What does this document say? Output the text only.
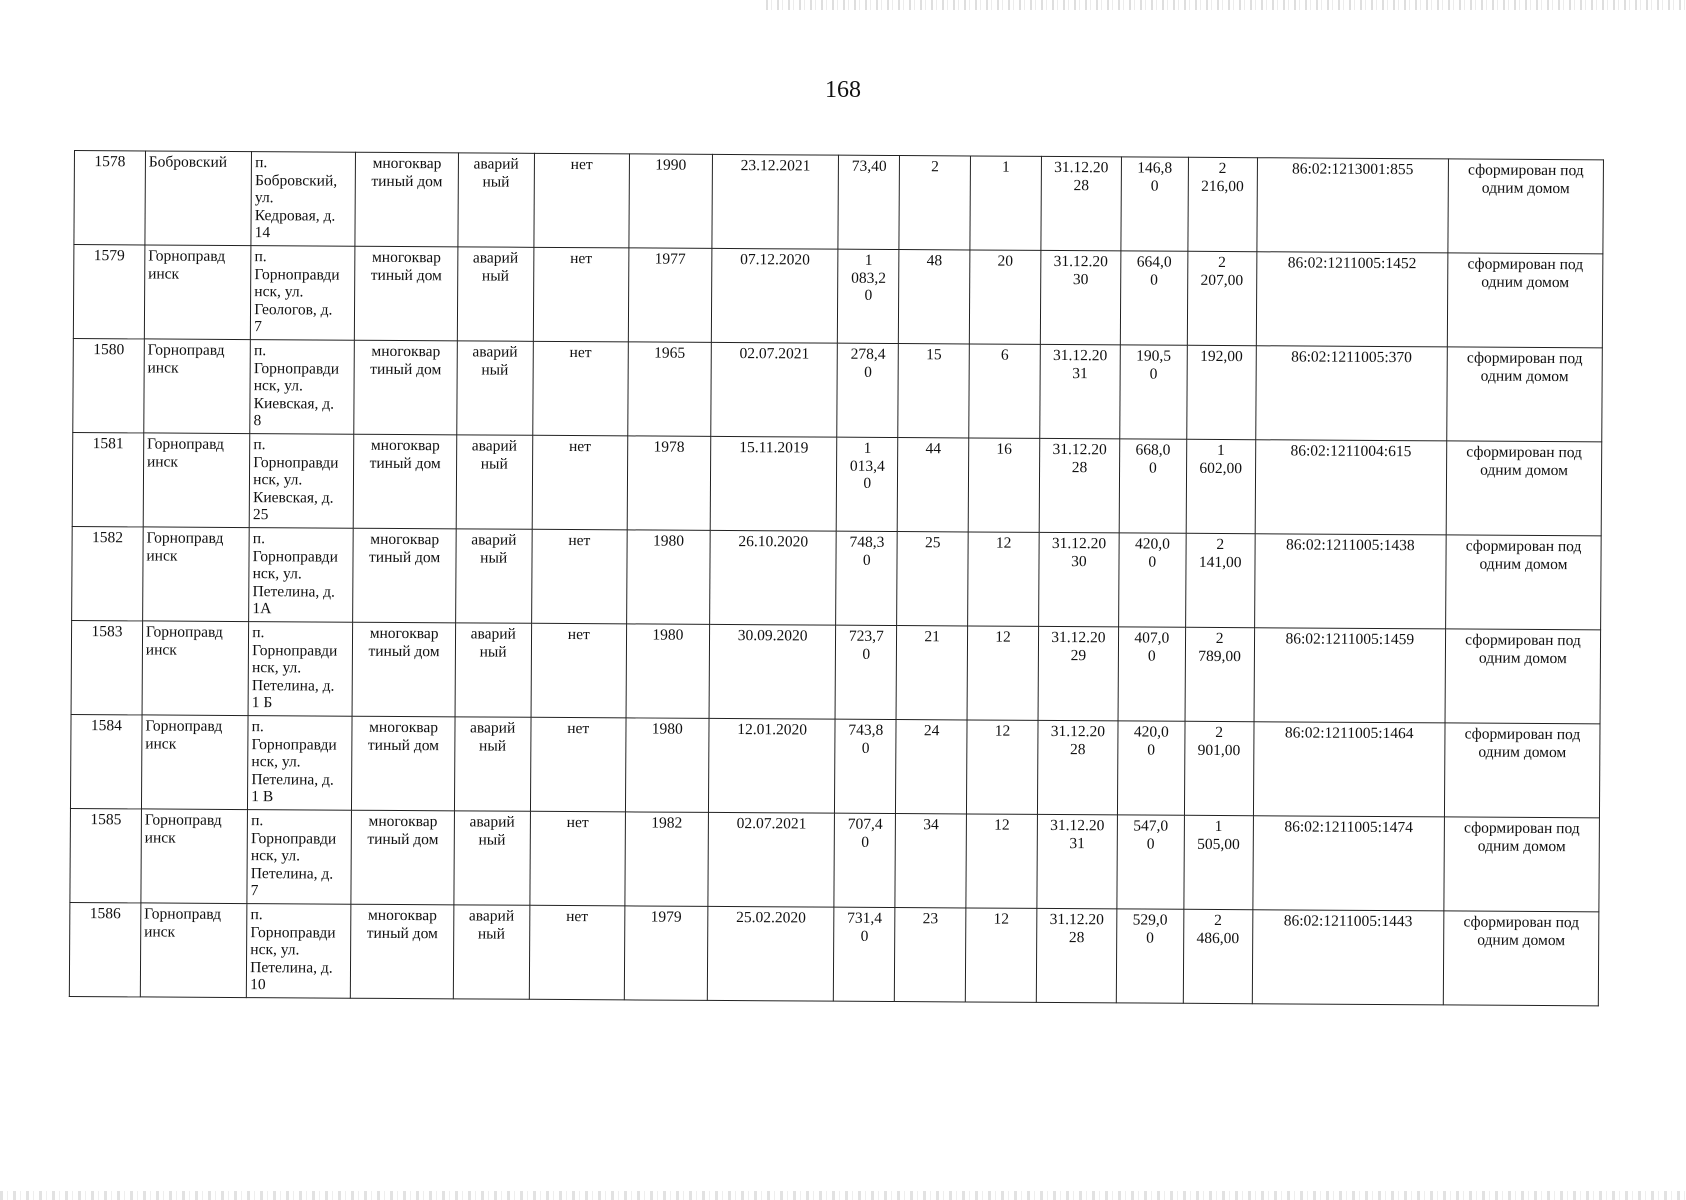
168
1578	Бобровский	п.
Бобровский,
ул.
Кедровая, д.
14	многоквар
тиный дом	аварий
ный	нет	1990	23.12.2021	73,40	2	1	31.12.20
28	146,8
0	2
216,00	86:02:1213001:855	сформирован под
одним домом
1579	Горноправд
инск	п.
Горноправди
нск, ул.
Геологов, д.
7	многоквар
тиный дом	аварий
ный	нет	1977	07.12.2020	1
083,2
0	48	20	31.12.20
30	664,0
0	2
207,00	86:02:1211005:1452	сформирован под
одним домом
1580	Горноправд
инск	п.
Горноправди
нск, ул.
Киевская, д.
8	многоквар
тиный дом	аварий
ный	нет	1965	02.07.2021	278,4
0	15	6	31.12.20
31	190,5
0	192,00	86:02:1211005:370	сформирован под
одним домом
1581	Горноправд
инск	п.
Горноправди
нск, ул.
Киевская, д.
25	многоквар
тиный дом	аварий
ный	нет	1978	15.11.2019	1
013,4
0	44	16	31.12.20
28	668,0
0	1
602,00	86:02:1211004:615	сформирован под
одним домом
1582	Горноправд
инск	п.
Горноправди
нск, ул.
Петелина, д.
1А	многоквар
тиный дом	аварий
ный	нет	1980	26.10.2020	748,3
0	25	12	31.12.20
30	420,0
0	2
141,00	86:02:1211005:1438	сформирован под
одним домом
1583	Горноправд
инск	п.
Горноправди
нск, ул.
Петелина, д.
1 Б	многоквар
тиный дом	аварий
ный	нет	1980	30.09.2020	723,7
0	21	12	31.12.20
29	407,0
0	2
789,00	86:02:1211005:1459	сформирован под
одним домом
1584	Горноправд
инск	п.
Горноправди
нск, ул.
Петелина, д.
1 В	многоквар
тиный дом	аварий
ный	нет	1980	12.01.2020	743,8
0	24	12	31.12.20
28	420,0
0	2
901,00	86:02:1211005:1464	сформирован под
одним домом
1585	Горноправд
инск	п.
Горноправди
нск, ул.
Петелина, д.
7	многоквар
тиный дом	аварий
ный	нет	1982	02.07.2021	707,4
0	34	12	31.12.20
31	547,0
0	1
505,00	86:02:1211005:1474	сформирован под
одним домом
1586	Горноправд
инск	п.
Горноправди
нск, ул.
Петелина, д.
10	многоквар
тиный дом	аварий
ный	нет	1979	25.02.2020	731,4
0	23	12	31.12.20
28	529,0
0	2
486,00	86:02:1211005:1443	сформирован под
одним домом
